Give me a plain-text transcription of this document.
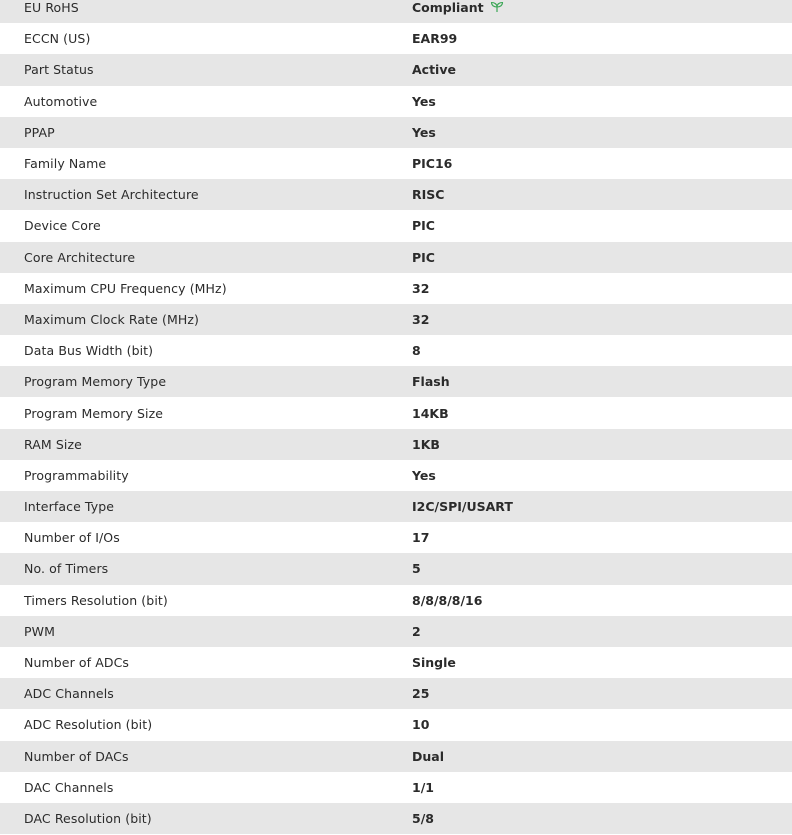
EU RoHS	Compliant
ECCN (US)	EAR99
Part Status	Active
Automotive	Yes
PPAP	Yes
Family Name	PIC16
Instruction Set Architecture	RISC
Device Core	PIC
Core Architecture	PIC
Maximum CPU Frequency (MHz)	32
Maximum Clock Rate (MHz)	32
Data Bus Width (bit)	8
Program Memory Type	Flash
Program Memory Size	14KB
RAM Size	1KB
Programmability	Yes
Interface Type	I2C/SPI/USART
Number of I/Os	17
No. of Timers	5
Timers Resolution (bit)	8/8/8/8/16
PWM	2
Number of ADCs	Single
ADC Channels	25
ADC Resolution (bit)	10
Number of DACs	Dual
DAC Channels	1/1
DAC Resolution (bit)	5/8
